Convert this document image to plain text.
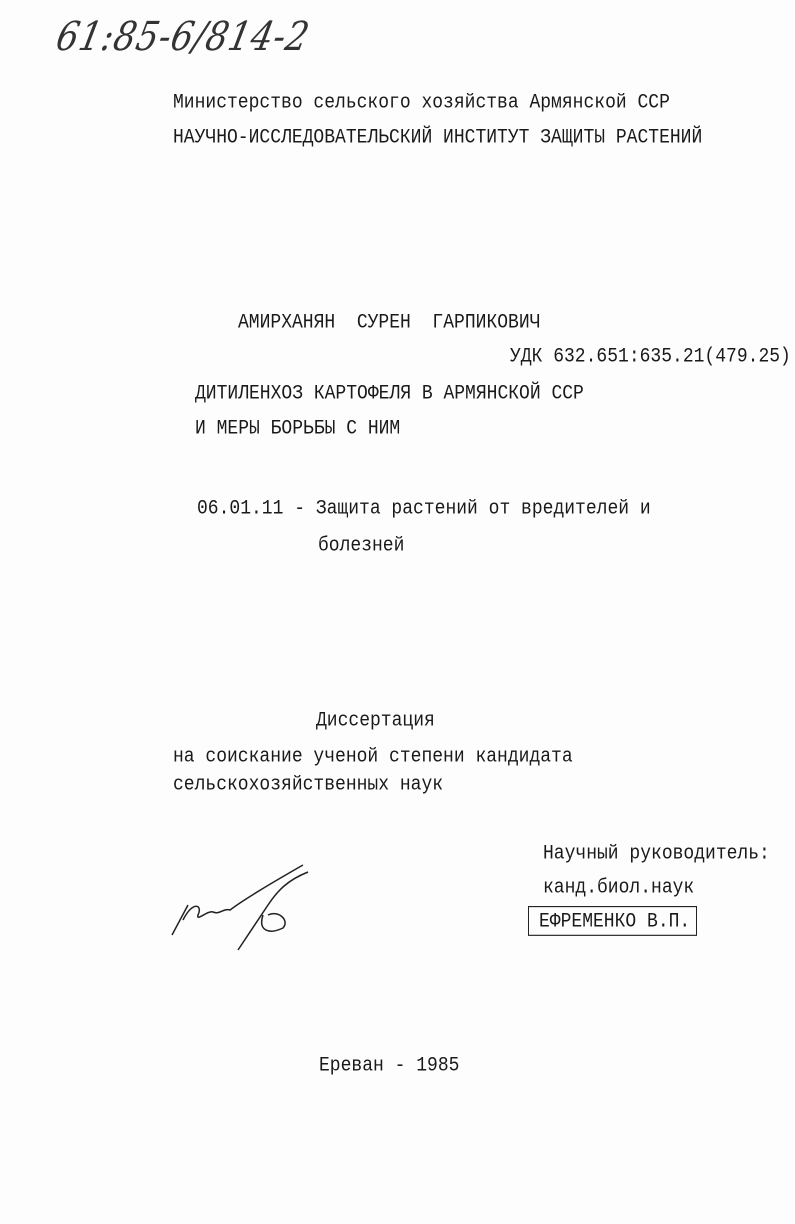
61:85-6/814-2
Министерство сельского хозяйства Армянской ССР
НАУЧНО-ИССЛЕДОВАТЕЛЬСКИЙ ИНСТИТУТ ЗАЩИТЫ РАСТЕНИЙ
АМИРХАНЯН  СУРЕН  ГАРПИКОВИЧ
УДК 632.651:635.21(479.25)
ДИТИЛЕНХОЗ КАРТОФЕЛЯ В АРМЯНСКОЙ ССР
И МЕРЫ БОРЬБЫ С НИМ
06.01.11 - Защита растений от вредителей и
болезней
Диссертация
на соискание ученой степени кандидата
сельскохозяйственных наук
Научный руководитель:
канд.биол.наук
ЕФРЕМЕНКО В.П.
Ереван - 1985
